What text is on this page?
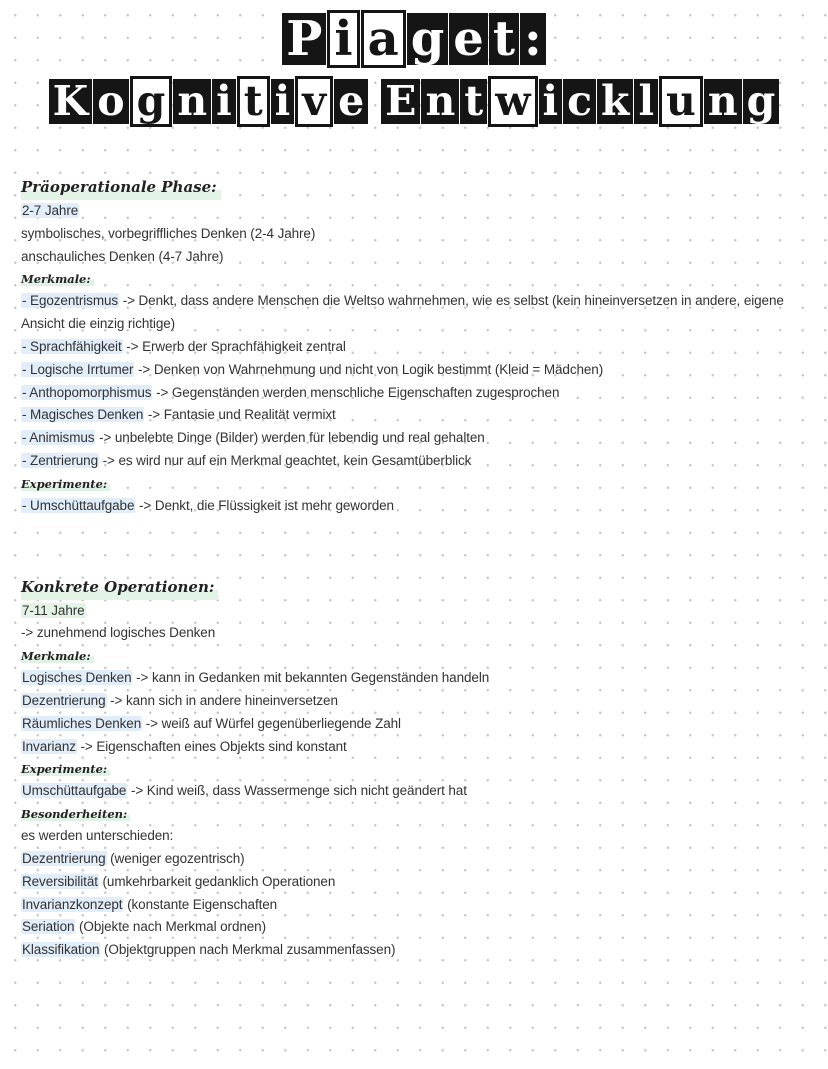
P i a g e t :
K o g n i t i v e E n t w i c k l u n g
Präoperationale Phase:
2-7 Jahre
symbolisches, vorbegriffliches Denken (2-4 Jahre)
anschauliches Denken (4-7 Jahre)
Merkmale:
- Egozentrismus -> Denkt, dass andere Menschen die Weltso wahrnehmen, wie es selbst (kein hineinversetzen in andere, eigene Ansicht die einzig richtige)
- Sprachfähigkeit -> Erwerb der Sprachfähigkeit zentral
- Logische Irrtumer -> Denken von Wahrnehmung und nicht von Logik bestimmt (Kleid = Mädchen)
- Anthopomorphismus -> Gegenständen werden menschliche Eigenschaften zugesprochen
- Magisches Denken -> Fantasie und Realität vermixt
- Animismus -> unbelebte Dinge (Bilder) werden für lebendig und real gehalten
- Zentrierung -> es wird nur auf ein Merkmal geachtet, kein Gesamtüberblick
Experimente:
- Umschüttaufgabe -> Denkt, die Flüssigkeit ist mehr geworden
Konkrete Operationen:
7-11 Jahre
-> zunehmend logisches Denken
Merkmale:
Logisches Denken -> kann in Gedanken mit bekannten Gegenständen handeln
Dezentrierung -> kann sich in andere hineinversetzen
Räumliches Denken -> weiß auf Würfel gegenüberliegende Zahl
Invarianz -> Eigenschaften eines Objekts sind konstant
Experimente:
Umschüttaufgabe -> Kind weiß, dass Wassermenge sich nicht geändert hat
Besonderheiten:
es werden unterschieden:
Dezentrierung (weniger egozentrisch)
Reversibilität (umkehrbarkeit gedanklich Operationen
Invarianzkonzept (konstante Eigenschaften
Seriation (Objekte nach Merkmal ordnen)
Klassifikation (Objektgruppen nach Merkmal zusammenfassen)
